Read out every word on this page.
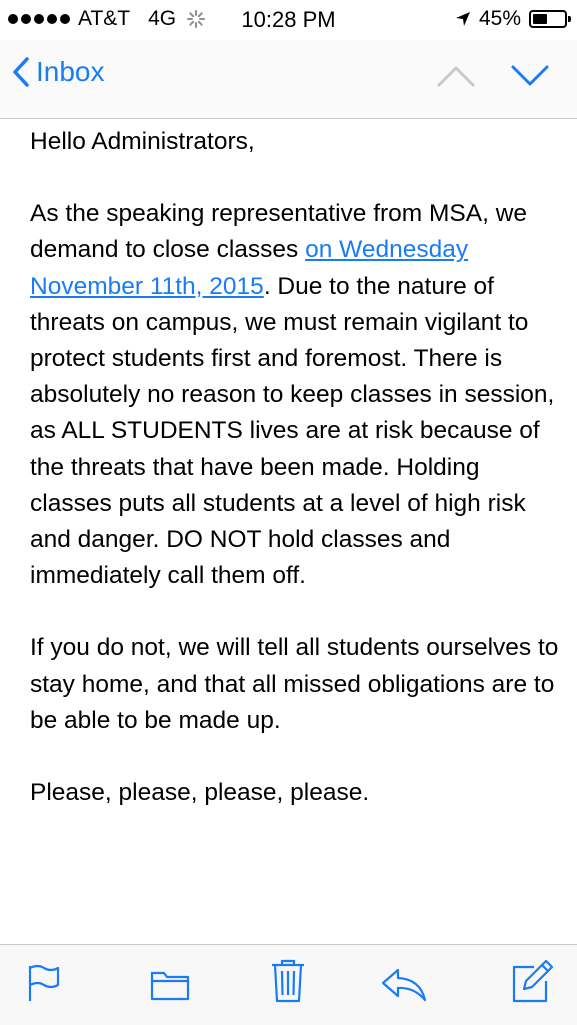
AT&T 4G	10:28 PM	45%
Inbox

Hello Administrators,

As the speaking representative from MSA, we demand to close classes on Wednesday November 11th, 2015. Due to the nature of threats on campus, we must remain vigilant to protect students first and foremost. There is absolutely no reason to keep classes in session, as ALL STUDENTS lives are at risk because of the threats that have been made. Holding classes puts all students at a level of high risk and danger. DO NOT hold classes and immediately call them off.

If you do not, we will tell all students ourselves to stay home, and that all missed obligations are to be able to be made up.

Please, please, please, please.
